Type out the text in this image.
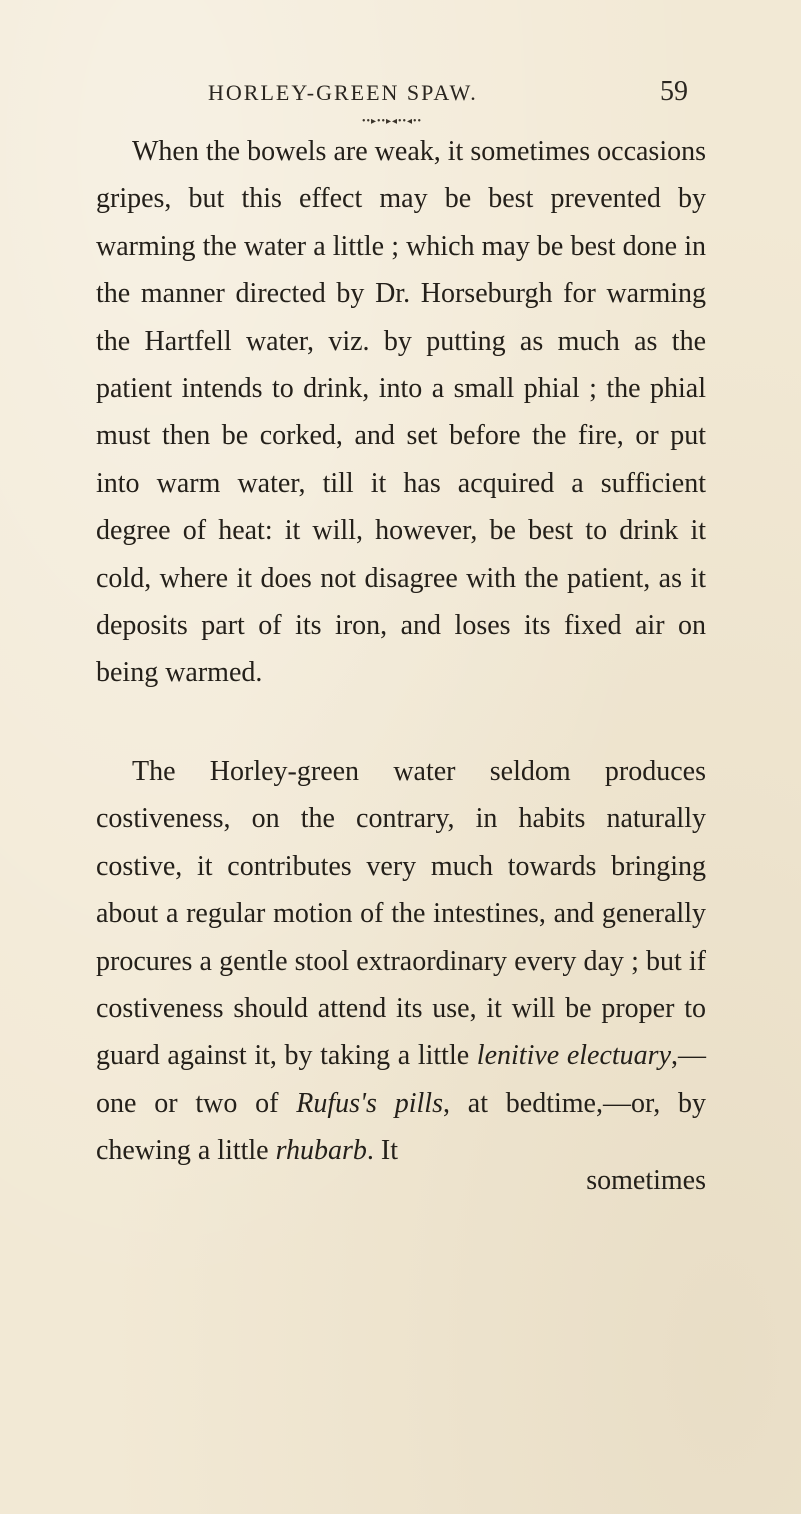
HORLEY-GREEN SPAW.	59
••▸••▸◂••◂••

When the bowels are weak, it sometimes occasions gripes, but this effect may be best prevented by warming the water a little ; which may be best done in the manner directed by Dr. Horseburgh for warming the Hartfell water, viz. by putting as much as the patient intends to drink, into a small phial ; the phial must then be corked, and set before the fire, or put into warm water, till it has acquired a sufficient degree of heat: it will, however, be best to drink it cold, where it does not disagree with the patient, as it deposits part of its iron, and loses its fixed air on being warmed.

The Horley-green water seldom produces costiveness, on the contrary, in habits naturally costive, it contributes very much towards bringing about a regular motion of the intestines, and generally procures a gentle stool extraordinary every day ; but if costiveness should attend its use, it will be proper to guard against it, by taking a little lenitive electuary,—one or two of Rufus's pills, at bedtime,—or, by chewing a little rhubarb. It

sometimes
